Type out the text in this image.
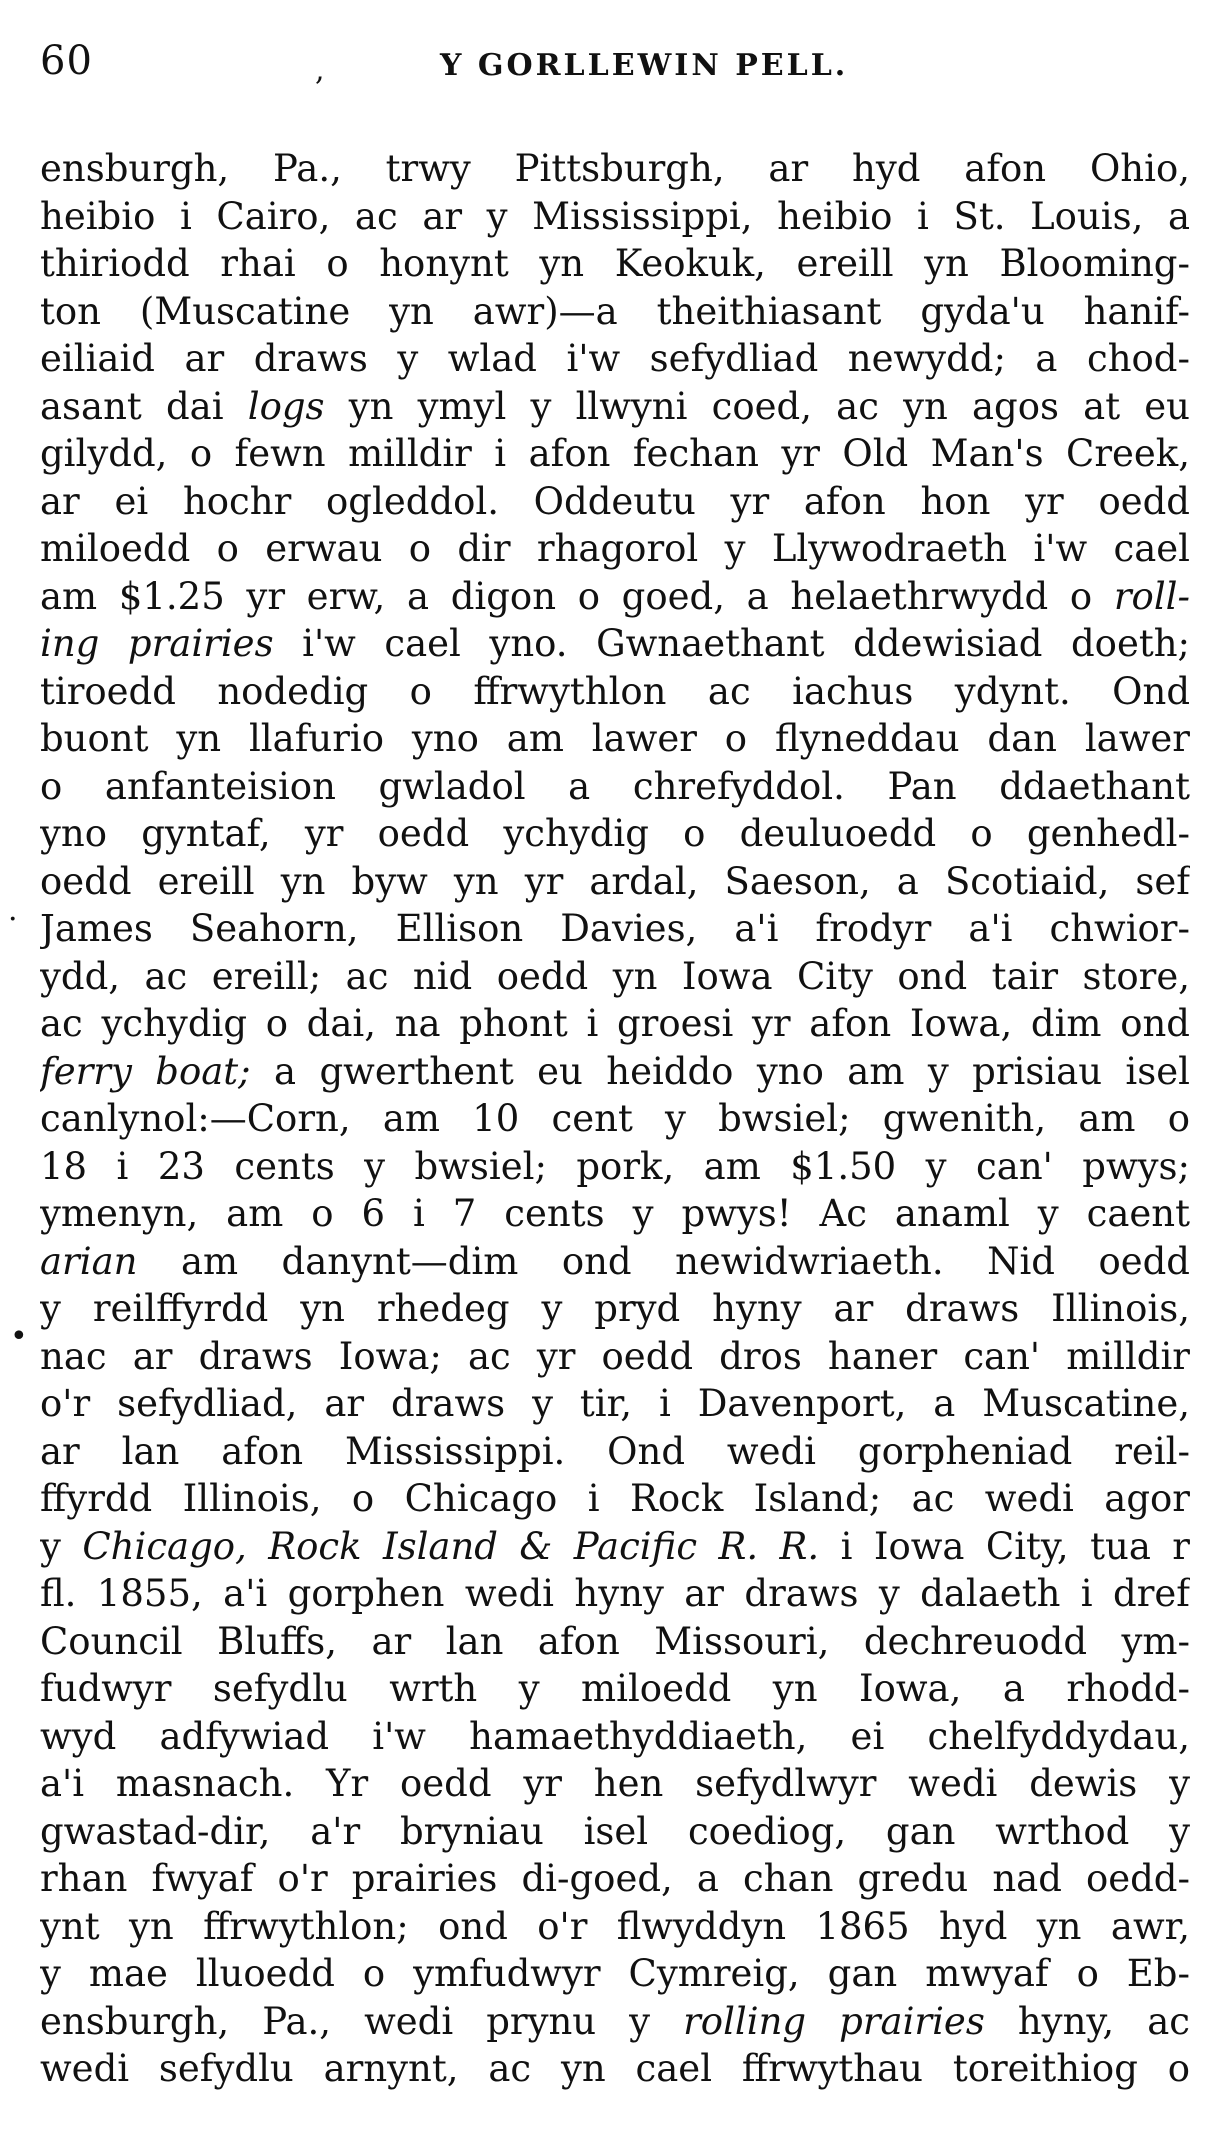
60	,	Y GORLLEWIN PELL.
·
•
ensburgh, Pa., trwy Pittsburgh, ar hyd afon Ohio,
heibio i Cairo, ac ar y Mississippi, heibio i St. Louis, a
thiriodd rhai o honynt yn Keokuk, ereill yn Blooming-
ton (Muscatine yn awr)—a theithiasant gyda'u hanif-
eiliaid ar draws y wlad i'w sefydliad newydd; a chod-
asant dai logs yn ymyl y llwyni coed, ac yn agos at eu
gilydd, o fewn milldir i afon fechan yr Old Man's Creek,
ar ei hochr ogleddol. Oddeutu yr afon hon yr oedd
miloedd o erwau o dir rhagorol y Llywodraeth i'w cael
am $1.25 yr erw, a digon o goed, a helaethrwydd o roll-
ing prairies i'w cael yno. Gwnaethant ddewisiad doeth;
tiroedd nodedig o ffrwythlon ac iachus ydynt. Ond
buont yn llafurio yno am lawer o flyneddau dan lawer
o anfanteision gwladol a chrefyddol. Pan ddaethant
yno gyntaf, yr oedd ychydig o deuluoedd o genhedl-
oedd ereill yn byw yn yr ardal, Saeson, a Scotiaid, sef
James Seahorn, Ellison Davies, a'i frodyr a'i chwior-
ydd, ac ereill; ac nid oedd yn Iowa City ond tair store,
ac ychydig o dai, na phont i groesi yr afon Iowa, dim ond
ferry boat; a gwerthent eu heiddo yno am y prisiau isel
canlynol:—Corn, am 10 cent y bwsiel; gwenith, am o
18 i 23 cents y bwsiel; pork, am $1.50 y can' pwys;
ymenyn, am o 6 i 7 cents y pwys! Ac anaml y caent
arian am danynt—dim ond newidwriaeth. Nid oedd
y reilffyrdd yn rhedeg y pryd hyny ar draws Illinois,
nac ar draws Iowa; ac yr oedd dros haner can' milldir
o'r sefydliad, ar draws y tir, i Davenport, a Muscatine,
ar lan afon Mississippi. Ond wedi gorpheniad reil-
ffyrdd Illinois, o Chicago i Rock Island; ac wedi agor
y Chicago, Rock Island & Pacific R. R. i Iowa City, tua r
fl. 1855, a'i gorphen wedi hyny ar draws y dalaeth i dref
Council Bluffs, ar lan afon Missouri, dechreuodd ym-
fudwyr sefydlu wrth y miloedd yn Iowa, a rhodd-
wyd adfywiad i'w hamaethyddiaeth, ei chelfyddydau,
a'i masnach. Yr oedd yr hen sefydlwyr wedi dewis y
gwastad-dir, a'r bryniau isel coediog, gan wrthod y
rhan fwyaf o'r prairies di-goed, a chan gredu nad oedd-
ynt yn ffrwythlon; ond o'r flwyddyn 1865 hyd yn awr,
y mae lluoedd o ymfudwyr Cymreig, gan mwyaf o Eb-
ensburgh, Pa., wedi prynu y rolling prairies hyny, ac
wedi sefydlu arnynt, ac yn cael ffrwythau toreithiog o
